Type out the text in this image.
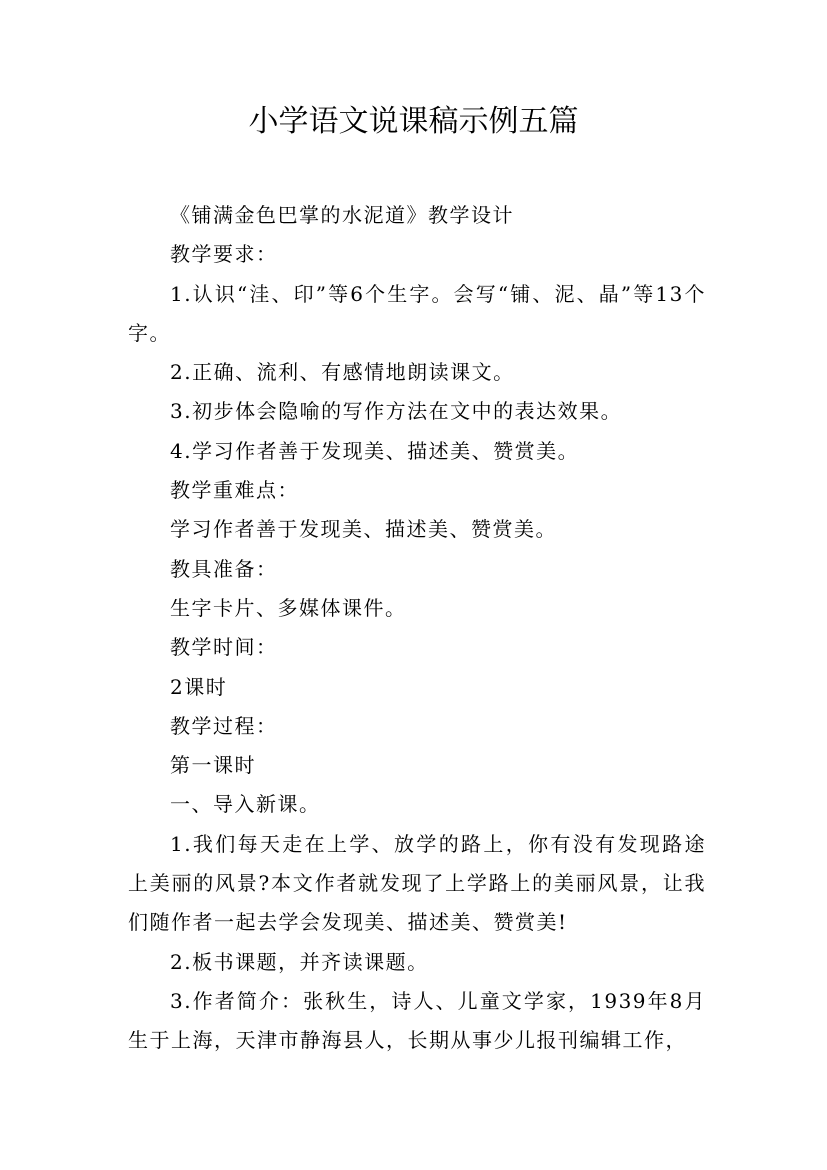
小学语文说课稿示例五篇

《铺满金色巴掌的水泥道》教学设计

教学要求：

1.认识“洼、印”等6个生字。会写“铺、泥、晶”等13个字。

2.正确、流利、有感情地朗读课文。

3.初步体会隐喻的写作方法在文中的表达效果。

4.学习作者善于发现美、描述美、赞赏美。

教学重难点：

学习作者善于发现美、描述美、赞赏美。

教具准备：

生字卡片、多媒体课件。

教学时间：

2课时

教学过程：

第一课时

一、导入新课。

1.我们每天走在上学、放学的路上，你有没有发现路途上美丽的风景?本文作者就发现了上学路上的美丽风景，让我们随作者一起去学会发现美、描述美、赞赏美!

2.板书课题，并齐读课题。

3.作者简介：张秋生，诗人、儿童文学家，1939年8月生于上海，天津市静海县人，长期从事少儿报刊编辑工作，
